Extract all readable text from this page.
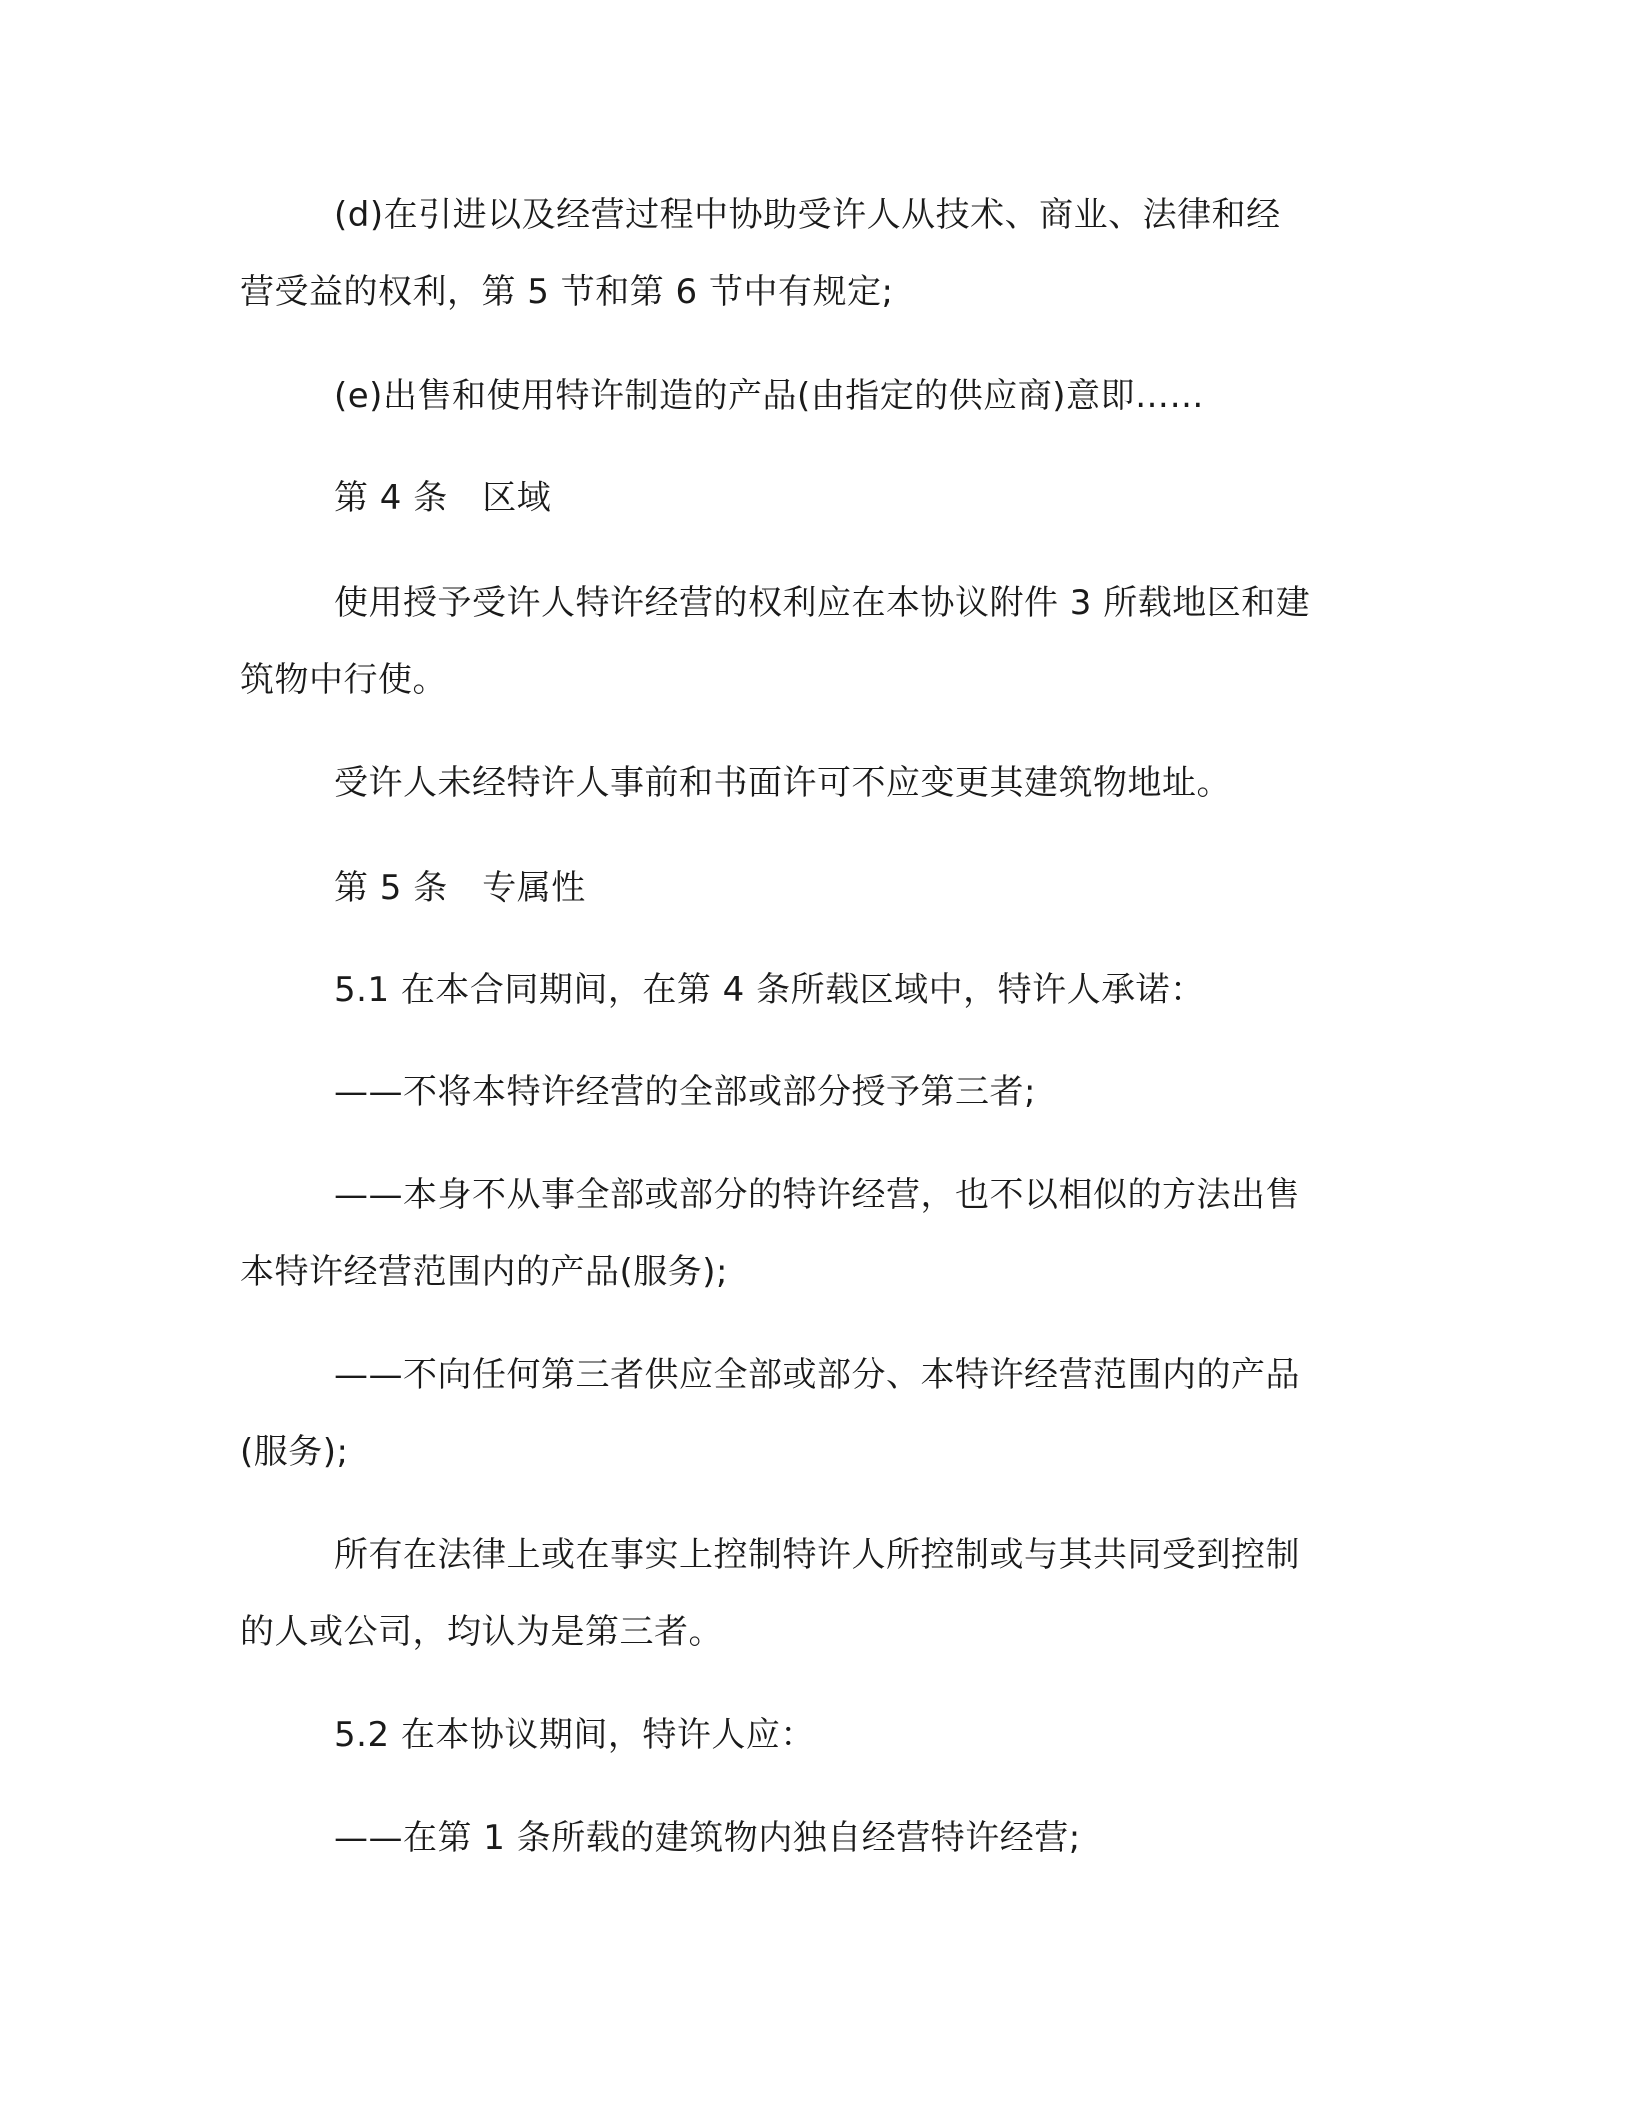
(d)在引进以及经营过程中协助受许人从技术、商业、法律和经
营受益的权利，第 5 节和第 6 节中有规定;

(e)出售和使用特许制造的产品(由指定的供应商)意即……

第 4 条　区域

使用授予受许人特许经营的权利应在本协议附件 3 所载地区和建
筑物中行使。

受许人未经特许人事前和书面许可不应变更其建筑物地址。

第 5 条　专属性

5.1 在本合同期间，在第 4 条所载区域中，特许人承诺：

——不将本特许经营的全部或部分授予第三者;

——本身不从事全部或部分的特许经营，也不以相似的方法出售
本特许经营范围内的产品(服务);

——不向任何第三者供应全部或部分、本特许经营范围内的产品
(服务);

所有在法律上或在事实上控制特许人所控制或与其共同受到控制
的人或公司，均认为是第三者。

5.2 在本协议期间，特许人应：

——在第 1 条所载的建筑物内独自经营特许经营;
